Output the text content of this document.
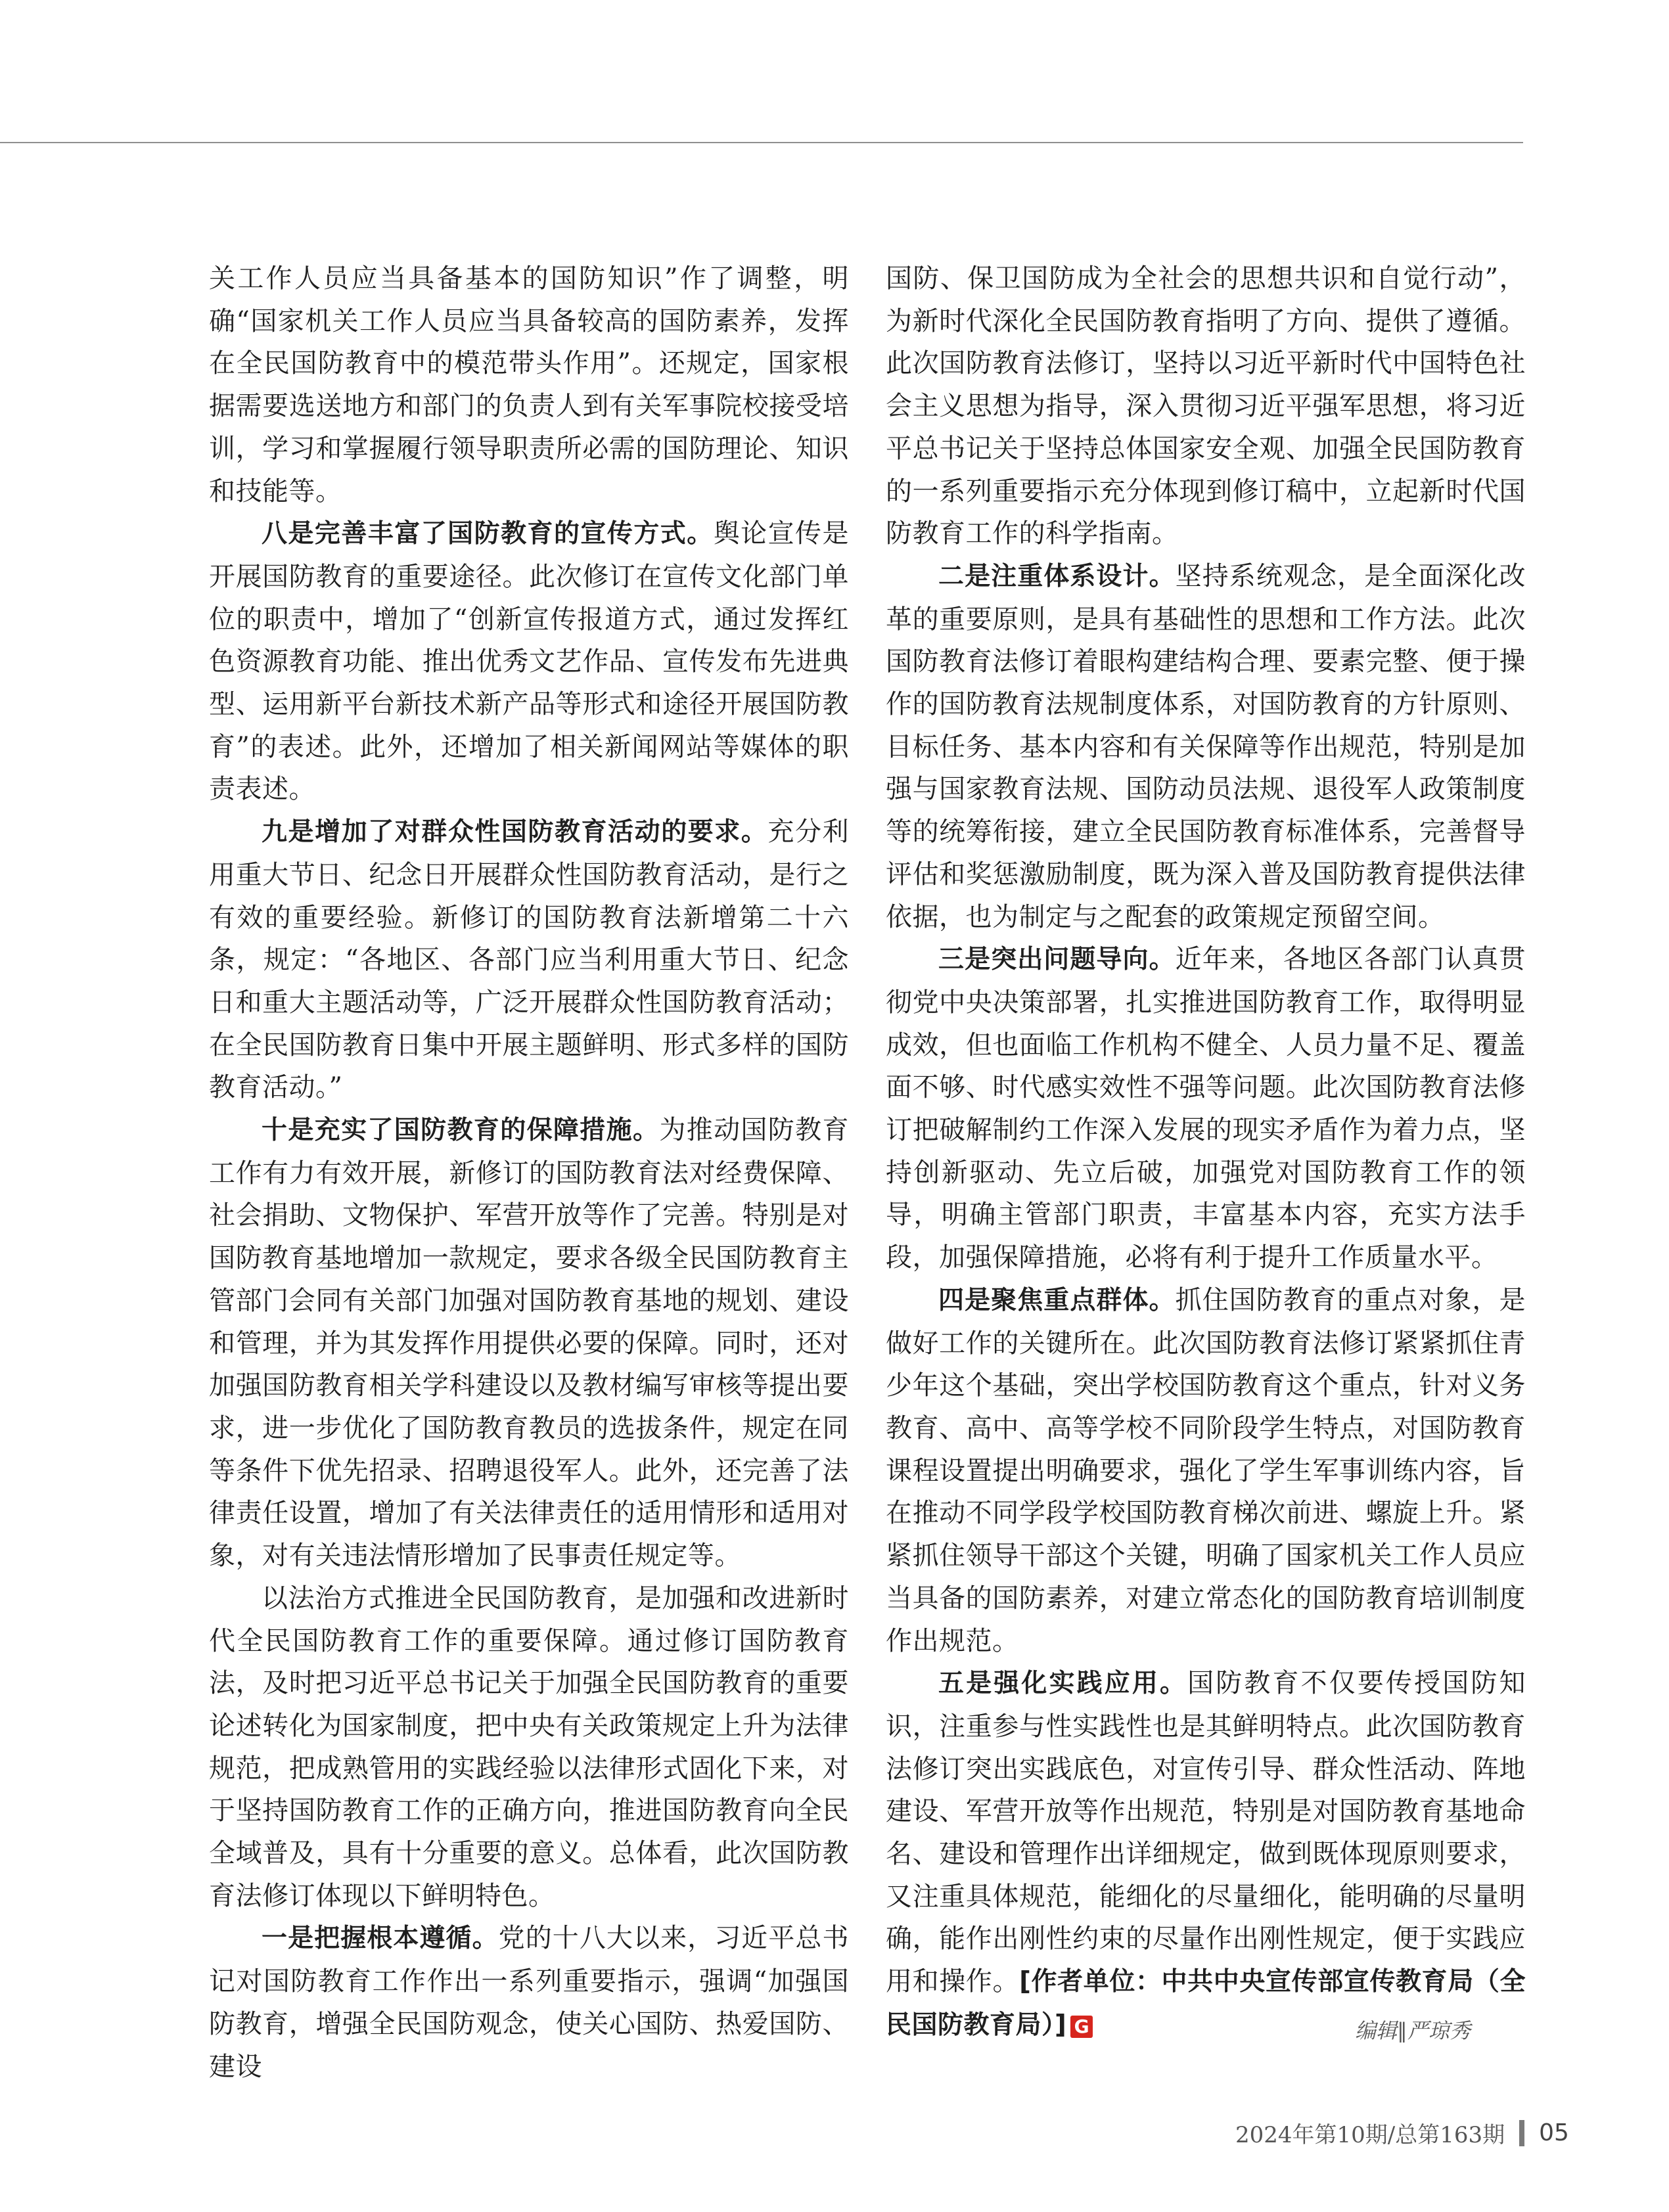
关工作人员应当具备基本的国防知识”作了调整，明确“国家机关工作人员应当具备较高的国防素养，发挥在全民国防教育中的模范带头作用”。还规定，国家根据需要选送地方和部门的负责人到有关军事院校接受培训，学习和掌握履行领导职责所必需的国防理论、知识和技能等。

八是完善丰富了国防教育的宣传方式。舆论宣传是开展国防教育的重要途径。此次修订在宣传文化部门单位的职责中，增加了“创新宣传报道方式，通过发挥红色资源教育功能、推出优秀文艺作品、宣传发布先进典型、运用新平台新技术新产品等形式和途径开展国防教育”的表述。此外，还增加了相关新闻网站等媒体的职责表述。

九是增加了对群众性国防教育活动的要求。充分利用重大节日、纪念日开展群众性国防教育活动，是行之有效的重要经验。新修订的国防教育法新增第二十六条，规定：“各地区、各部门应当利用重大节日、纪念日和重大主题活动等，广泛开展群众性国防教育活动；在全民国防教育日集中开展主题鲜明、形式多样的国防教育活动。”

十是充实了国防教育的保障措施。为推动国防教育工作有力有效开展，新修订的国防教育法对经费保障、社会捐助、文物保护、军营开放等作了完善。特别是对国防教育基地增加一款规定，要求各级全民国防教育主管部门会同有关部门加强对国防教育基地的规划、建设和管理，并为其发挥作用提供必要的保障。同时，还对加强国防教育相关学科建设以及教材编写审核等提出要求，进一步优化了国防教育教员的选拔条件，规定在同等条件下优先招录、招聘退役军人。此外，还完善了法律责任设置，增加了有关法律责任的适用情形和适用对象，对有关违法情形增加了民事责任规定等。

以法治方式推进全民国防教育，是加强和改进新时代全民国防教育工作的重要保障。通过修订国防教育法，及时把习近平总书记关于加强全民国防教育的重要论述转化为国家制度，把中央有关政策规定上升为法律规范，把成熟管用的实践经验以法律形式固化下来，对于坚持国防教育工作的正确方向，推进国防教育向全民全域普及，具有十分重要的意义。总体看，此次国防教育法修订体现以下鲜明特色。

一是把握根本遵循。党的十八大以来，习近平总书记对国防教育工作作出一系列重要指示，强调“加强国防教育，增强全民国防观念，使关心国防、热爱国防、建设

国防、保卫国防成为全社会的思想共识和自觉行动”，为新时代深化全民国防教育指明了方向、提供了遵循。此次国防教育法修订，坚持以习近平新时代中国特色社会主义思想为指导，深入贯彻习近平强军思想，将习近平总书记关于坚持总体国家安全观、加强全民国防教育的一系列重要指示充分体现到修订稿中，立起新时代国防教育工作的科学指南。

二是注重体系设计。坚持系统观念，是全面深化改革的重要原则，是具有基础性的思想和工作方法。此次国防教育法修订着眼构建结构合理、要素完整、便于操作的国防教育法规制度体系，对国防教育的方针原则、目标任务、基本内容和有关保障等作出规范，特别是加强与国家教育法规、国防动员法规、退役军人政策制度等的统筹衔接，建立全民国防教育标准体系，完善督导评估和奖惩激励制度，既为深入普及国防教育提供法律依据，也为制定与之配套的政策规定预留空间。

三是突出问题导向。近年来，各地区各部门认真贯彻党中央决策部署，扎实推进国防教育工作，取得明显成效，但也面临工作机构不健全、人员力量不足、覆盖面不够、时代感实效性不强等问题。此次国防教育法修订把破解制约工作深入发展的现实矛盾作为着力点，坚持创新驱动、先立后破，加强党对国防教育工作的领导，明确主管部门职责，丰富基本内容，充实方法手段，加强保障措施，必将有利于提升工作质量水平。

四是聚焦重点群体。抓住国防教育的重点对象，是做好工作的关键所在。此次国防教育法修订紧紧抓住青少年这个基础，突出学校国防教育这个重点，针对义务教育、高中、高等学校不同阶段学生特点，对国防教育课程设置提出明确要求，强化了学生军事训练内容，旨在推动不同学段学校国防教育梯次前进、螺旋上升。紧紧抓住领导干部这个关键，明确了国家机关工作人员应当具备的国防素养，对建立常态化的国防教育培训制度作出规范。

五是强化实践应用。国防教育不仅要传授国防知识，注重参与性实践性也是其鲜明特点。此次国防教育法修订突出实践底色，对宣传引导、群众性活动、阵地建设、军营开放等作出规范，特别是对国防教育基地命名、建设和管理作出详细规定，做到既体现原则要求，又注重具体规范，能细化的尽量细化，能明确的尽量明确，能作出刚性约束的尽量作出刚性规定，便于实践应用和操作。[作者单位：中共中央宣传部宣传教育局（全民国防教育局）] G	编辑∥严琼秀
2024年第10期/总第163期 05
